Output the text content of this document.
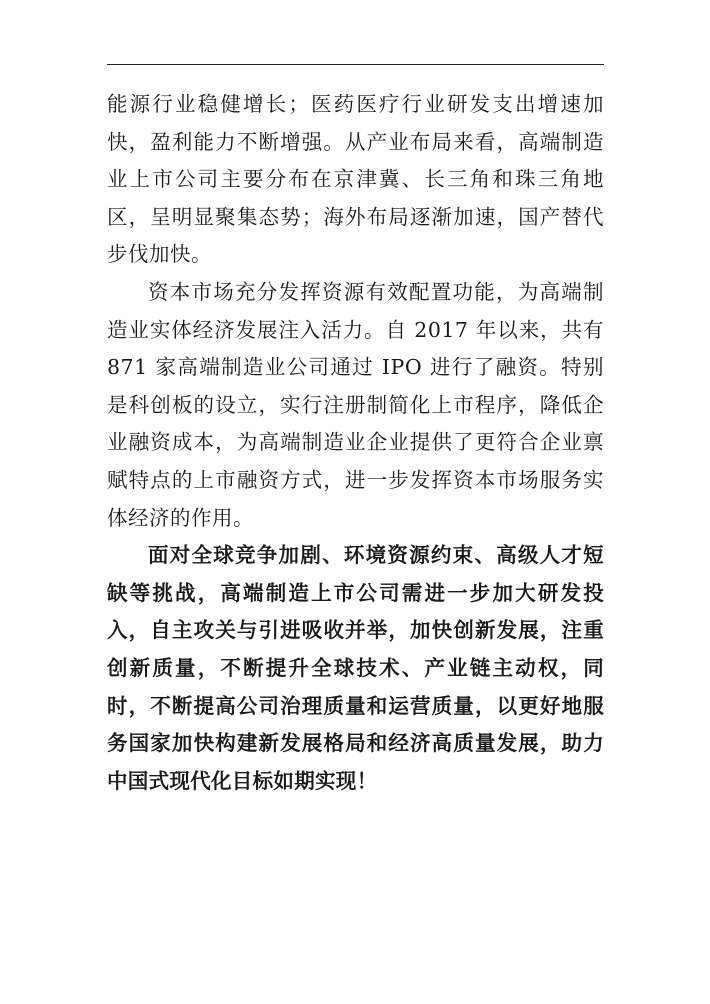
能源行业稳健增长；医药医疗行业研发支出增速加快，盈利能力不断增强。从产业布局来看，高端制造业上市公司主要分布在京津冀、长三角和珠三角地区，呈明显聚集态势；海外布局逐渐加速，国产替代步伐加快。

资本市场充分发挥资源有效配置功能，为高端制造业实体经济发展注入活力。自 2017 年以来，共有 871 家高端制造业公司通过 IPO 进行了融资。特别是科创板的设立，实行注册制简化上市程序，降低企业融资成本，为高端制造业企业提供了更符合企业禀赋特点的上市融资方式，进一步发挥资本市场服务实体经济的作用。

面对全球竞争加剧、环境资源约束、高级人才短缺等挑战，高端制造上市公司需进一步加大研发投入，自主攻关与引进吸收并举，加快创新发展，注重创新质量，不断提升全球技术、产业链主动权，同时，不断提高公司治理质量和运营质量，以更好地服务国家加快构建新发展格局和经济高质量发展，助力中国式现代化目标如期实现！
